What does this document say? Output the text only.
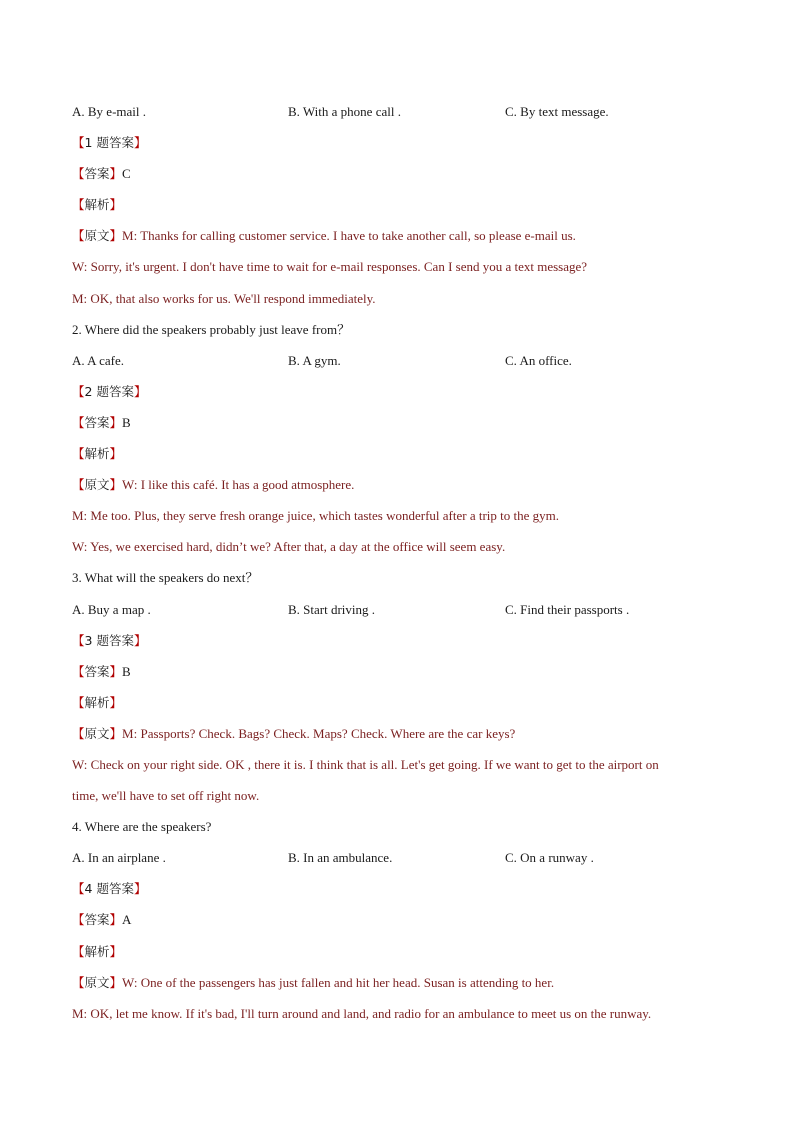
A. By e-mail .	B. With a phone call .	C. By text message.
【1 题答案】
【答案】C
【解析】
【原文】M: Thanks for calling customer service. I have to take another call, so please e-mail us.
W: Sorry, it's urgent. I don't have time to wait for e-mail responses. Can I send you a text message?
M: OK, that also works for us. We'll respond immediately.
2. Where did the speakers probably just leave from？
A. A cafe.	B. A gym.	C. An office.
【2 题答案】
【答案】B
【解析】
【原文】W: I like this café. It has a good atmosphere.
M: Me too. Plus, they serve fresh orange juice, which tastes wonderful after a trip to the gym.
W: Yes, we exercised hard, didn’t we? After that, a day at the office will seem easy.
3. What will the speakers do next？
A. Buy a map .	B. Start driving .	C. Find their passports .
【3 题答案】
【答案】B
【解析】
【原文】M: Passports? Check. Bags? Check. Maps? Check. Where are the car keys?
W: Check on your right side. OK , there it is. I think that is all. Let's get going. If we want to get to the airport on
time, we'll have to set off right now.
4. Where are the speakers?
A. In an airplane .	B. In an ambulance.	C. On a runway .
【4 题答案】
【答案】A
【解析】
【原文】W: One of the passengers has just fallen and hit her head. Susan is attending to her.
M: OK, let me know. If it's bad, I'll turn around and land, and radio for an ambulance to meet us on the runway.
